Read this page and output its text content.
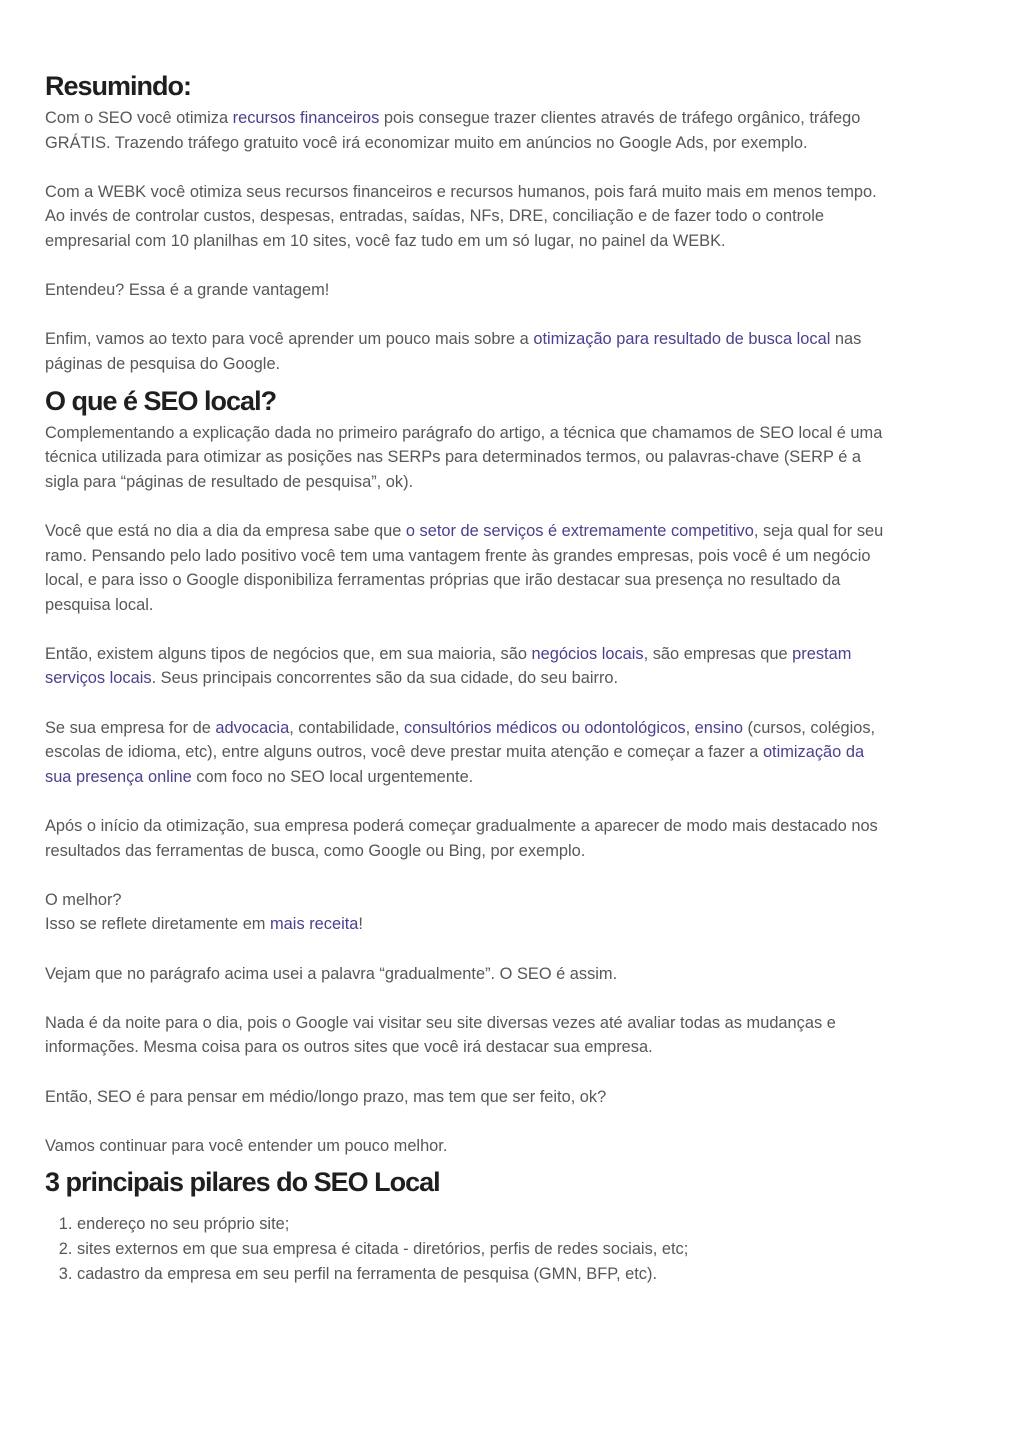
Resumindo:

Com o SEO você otimiza recursos financeiros pois consegue trazer clientes através de tráfego orgânico, tráfego GRÁTIS. Trazendo tráfego gratuito você irá economizar muito em anúncios no Google Ads, por exemplo.

Com a WEBK você otimiza seus recursos financeiros e recursos humanos, pois fará muito mais em menos tempo. Ao invés de controlar custos, despesas, entradas, saídas, NFs, DRE, conciliação e de fazer todo o controle empresarial com 10 planilhas em 10 sites, você faz tudo em um só lugar, no painel da WEBK.

Entendeu? Essa é a grande vantagem!

Enfim, vamos ao texto para você aprender um pouco mais sobre a otimização para resultado de busca local nas páginas de pesquisa do Google.

O que é SEO local?

Complementando a explicação dada no primeiro parágrafo do artigo, a técnica que chamamos de SEO local é uma técnica utilizada para otimizar as posições nas SERPs para determinados termos, ou palavras-chave (SERP é a sigla para “páginas de resultado de pesquisa”, ok).

Você que está no dia a dia da empresa sabe que o setor de serviços é extremamente competitivo, seja qual for seu ramo. Pensando pelo lado positivo você tem uma vantagem frente às grandes empresas, pois você é um negócio local, e para isso o Google disponibiliza ferramentas próprias que irão destacar sua presença no resultado da pesquisa local.

Então, existem alguns tipos de negócios que, em sua maioria, são negócios locais, são empresas que prestam serviços locais. Seus principais concorrentes são da sua cidade, do seu bairro.

Se sua empresa for de advocacia, contabilidade, consultórios médicos ou odontológicos, ensino (cursos, colégios, escolas de idioma, etc), entre alguns outros, você deve prestar muita atenção e começar a fazer a otimização da sua presença online com foco no SEO local urgentemente.

Após o início da otimização, sua empresa poderá começar gradualmente a aparecer de modo mais destacado nos resultados das ferramentas de busca, como Google ou Bing, por exemplo.

O melhor?
Isso se reflete diretamente em mais receita!

Vejam que no parágrafo acima usei a palavra “gradualmente”. O SEO é assim.

Nada é da noite para o dia, pois o Google vai visitar seu site diversas vezes até avaliar todas as mudanças e informações. Mesma coisa para os outros sites que você irá destacar sua empresa.

Então, SEO é para pensar em médio/longo prazo, mas tem que ser feito, ok?

Vamos continuar para você entender um pouco melhor.

3 principais pilares do SEO Local
1. endereço no seu próprio site;
2. sites externos em que sua empresa é citada - diretórios, perfis de redes sociais, etc;
3. cadastro da empresa em seu perfil na ferramenta de pesquisa (GMN, BFP, etc).
